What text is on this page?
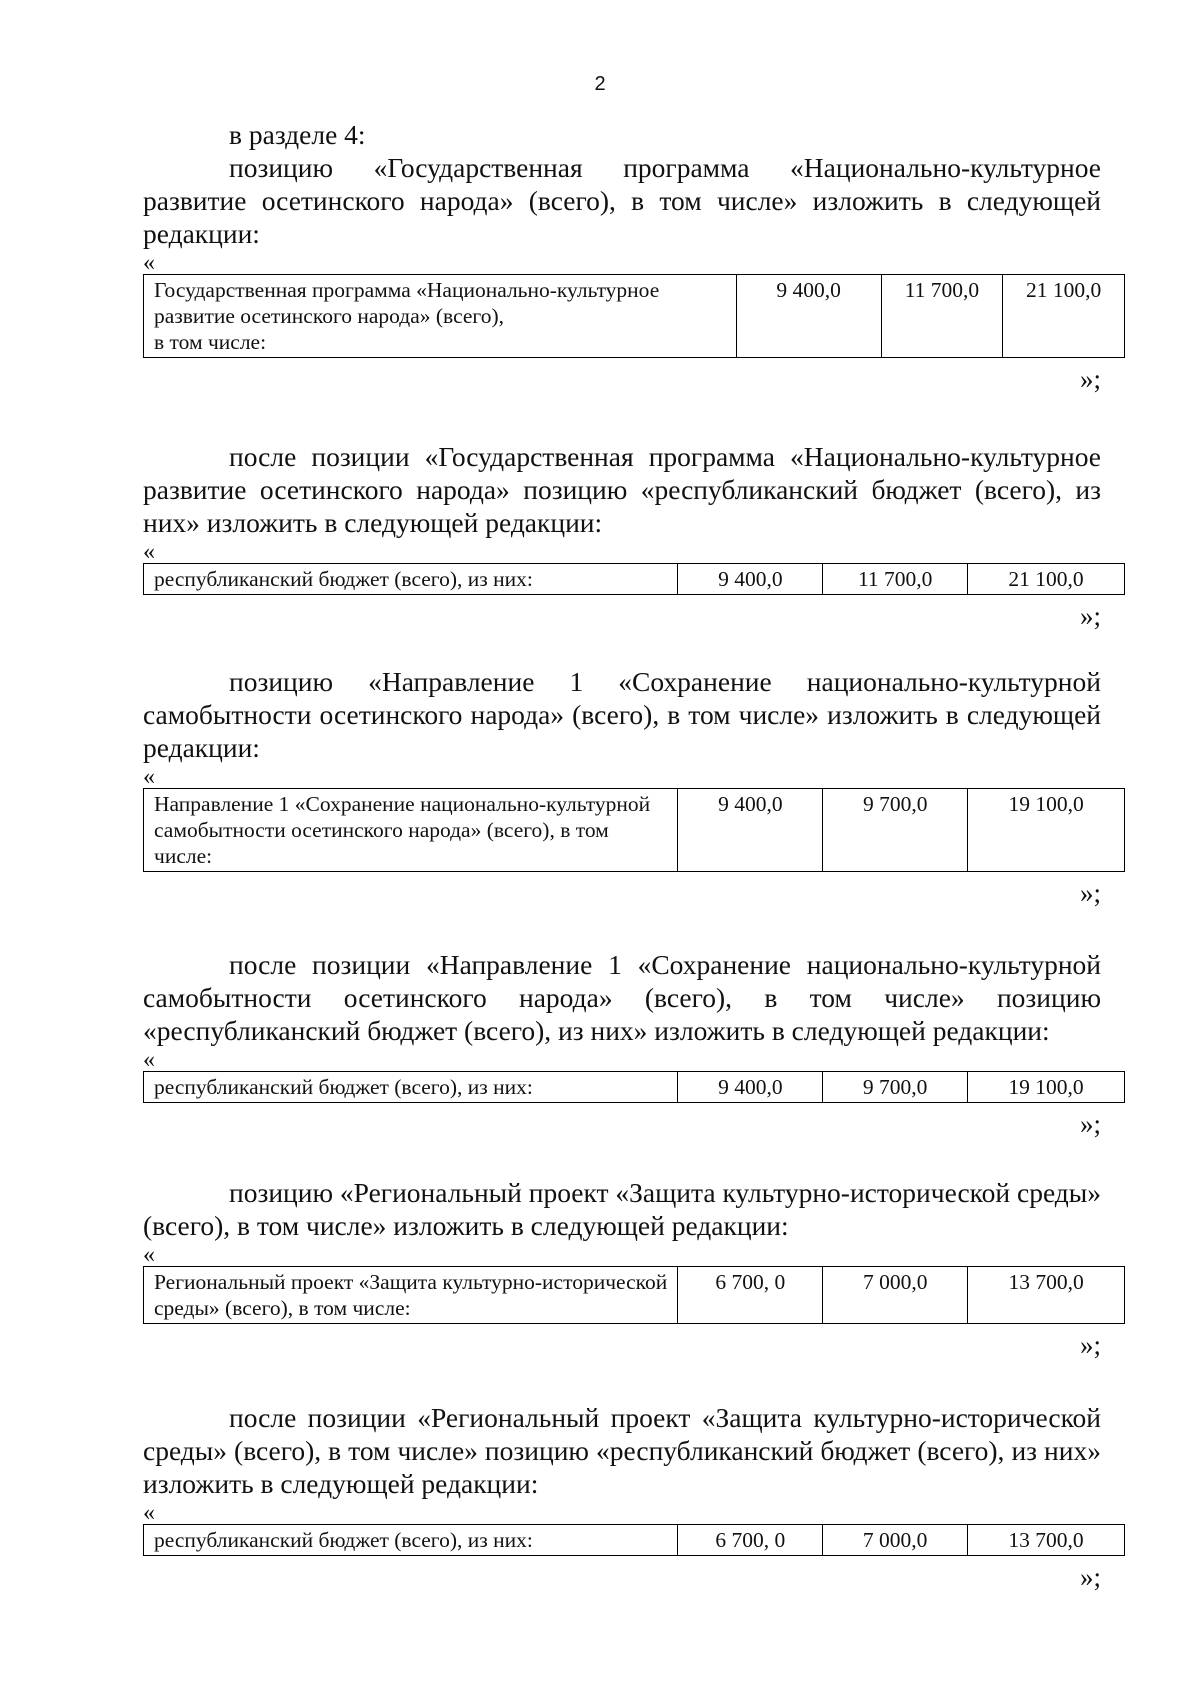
2

в разделе 4:

позицию «Государственная программа «Национально-культурное развитие осетинского народа» (всего), в том числе» изложить в следующей редакции:

«
Государственная программа «Национально-культурное развитие осетинского народа» (всего),
в том числе:	9 400,0	11 700,0	21 100,0
»;

после позиции «Государственная программа «Национально-культурное развитие осетинского народа» позицию «республиканский бюджет (всего), из них» изложить в следующей редакции:

«
республиканский бюджет (всего), из них:	9 400,0	11 700,0	21 100,0
»;

позицию «Направление 1 «Сохранение национально-культурной самобытности осетинского народа» (всего), в том числе» изложить в следующей редакции:

«
Направление 1 «Сохранение национально-культурной самобытности осетинского народа» (всего), в том числе:	9 400,0	9 700,0	19 100,0
»;

после позиции «Направление 1 «Сохранение национально-культурной самобытности осетинского народа» (всего), в том числе» позицию «республиканский бюджет (всего), из них» изложить в следующей редакции:

«
республиканский бюджет (всего), из них:	9 400,0	9 700,0	19 100,0
»;

позицию «Региональный проект «Защита культурно-исторической среды» (всего), в том числе» изложить в следующей редакции:

«
Региональный проект «Защита культурно-исторической среды» (всего), в том числе:	6 700, 0	7 000,0	13 700,0
»;

после позиции «Региональный проект «Защита культурно-исторической среды» (всего), в том числе» позицию «республиканский бюджет (всего), из них» изложить в следующей редакции:

«
республиканский бюджет (всего), из них:	6 700, 0	7 000,0	13 700,0
»;
